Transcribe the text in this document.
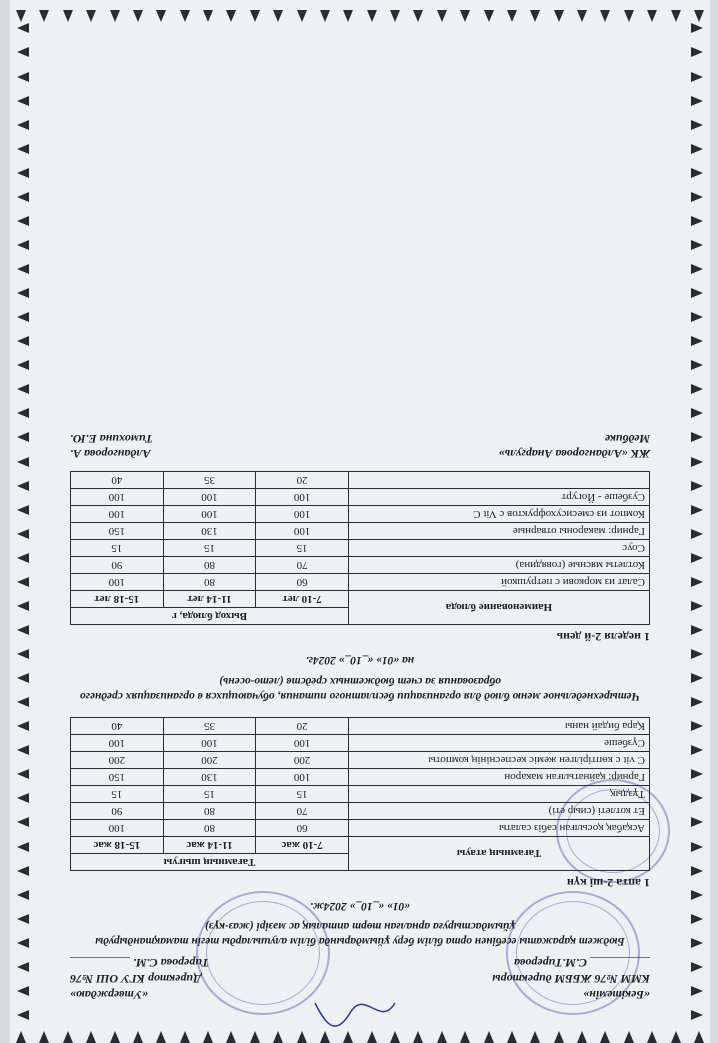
«Бекітемін»
КММ №76 ЖББМ директоры
__________ С.М.Тирерова
«Утверждаю»
Директор КГУ ОШ №76
Тирерова С.М. __________
Бюджет қаражаты есебінен орта білім беру ұйымдарында білім алушыларды тегін тамақтандыруды ұйымдастыруға арналған төрт апталық ас мәзірі (жаз-күз)
«01» «_10_» 2024ж.
1 апта 2-ші күн
Тағамның атауы	Тағамның шығуы		
	7-10 жас	11-14 жас	15-18 жас
Асқабақ қосылған сәбіз салаты	60	80	100
Ет котлеті (сиыр еті)	70	80	90
Тұздық	15	15	15
Гарнир: қайнатылған макарон	100	130	150
С vit с көптірілген жеміс кеспеснінің компоты	200	200	200
Сүзбеше	100	100	100
Қара бидай наны	20	35	40
Четырехнедельное меню блюд для организации бесплатного питания, обучающихся в организациях среднего образования за счет бюджетных средств (лето-осень)
на «01» «_10_» 2024г.
1 неделя 2-й день
Наименование блюда	Выход блюда, г		
	7-10 лет	11-14 лет	15-18 лет
Салат из моркови с петрушкой	60	80	100
Котлеты мясные (говядина)	70	80	90
Соус	15	15	15
Гарнир: макароны отварные	100	130	150
Компот из смесисухофруктов с Vit C	100	100	100
Сузбеше - Йогурт	100	100	100
	20	35	40
ЖК «Алдангорова Анаргуль»
Медбике
Алдангорова А.
Тимохина Е.Ю.
